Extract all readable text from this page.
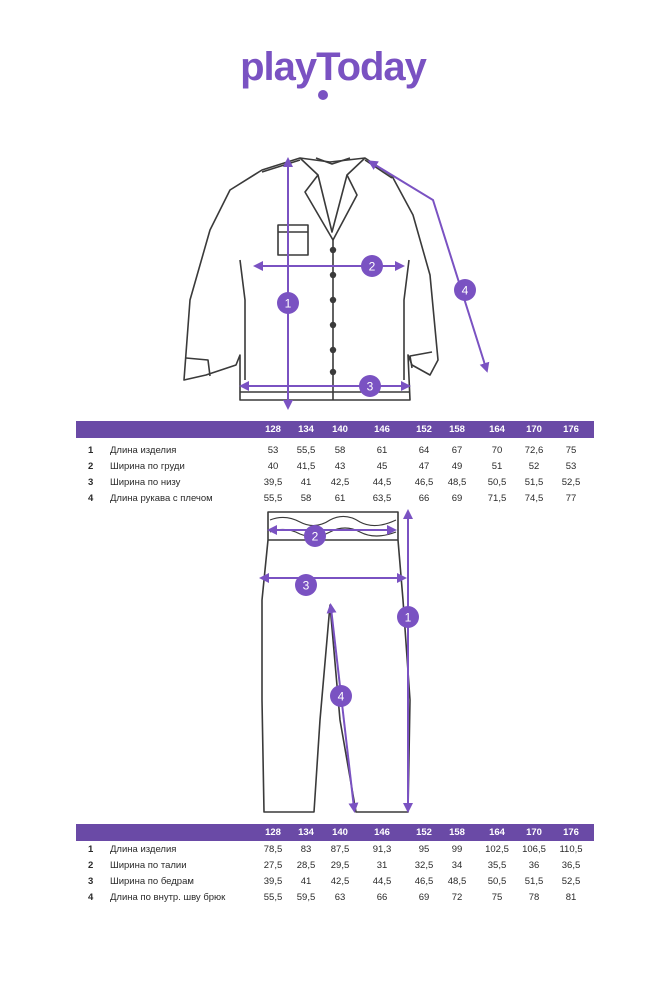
playToday
1
2
3
4
128	134	140	146	152	158	164	170	176
1 Длина изделия	53	55,5	58	61	64	67	70	72,6	75
2 Ширина по груди	40	41,5	43	45	47	49	51	52	53
3 Ширина по низу	39,5	41	42,5	44,5	46,5	48,5	50,5	51,5	52,5
4 Длина рукава с плечом	55,5	58	61	63,5	66	69	71,5	74,5	77
1
2
3
4
128	134	140	146	152	158	164	170	176
1 Длина изделия	78,5	83	87,5	91,3	95	99	102,5	106,5	110,5
2 Ширина по талии	27,5	28,5	29,5	31	32,5	34	35,5	36	36,5
3 Ширина по бедрам	39,5	41	42,5	44,5	46,5	48,5	50,5	51,5	52,5
4 Длина по внутр. шву брюк	55,5	59,5	63	66	69	72	75	78	81
